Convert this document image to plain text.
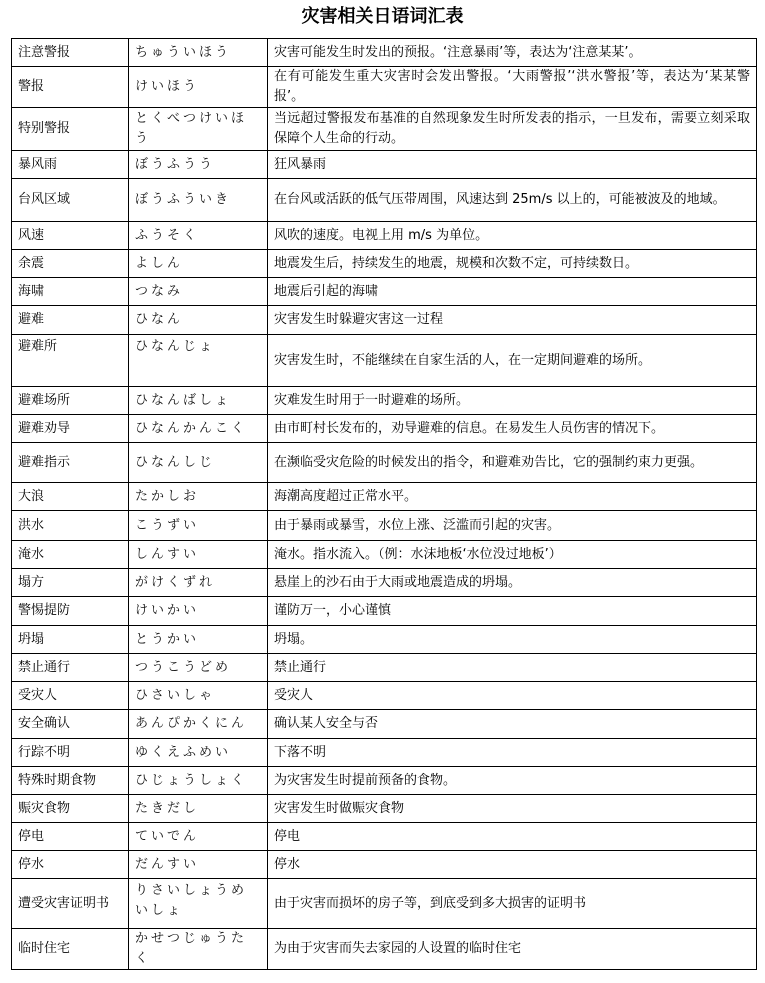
灾害相关日语词汇表
注意警报	ちゅういほう	灾害可能发生时发出的预报。‘注意暴雨’等，表达为‘注意某某’。
警报	けいほう	在有可能发生重大灾害时会发出警报。‘大雨警报’‘洪水警报’等，表达为‘某某警报’。
特别警报	とくべつけいほう	当远超过警报发布基准的自然现象发生时所发表的指示，一旦发布，需要立刻采取保障个人生命的行动。
暴风雨	ぼうふうう	狂风暴雨
台风区域	ぼうふういき	在台风或活跃的低气压带周围，风速达到 25m/s 以上的，可能被波及的地域。
风速	ふうそく	风吹的速度。电视上用 m/s 为单位。
余震	よしん	地震发生后，持续发生的地震，规模和次数不定，可持续数日。
海啸	つなみ	地震后引起的海啸
避难	ひなん	灾害发生时躲避灾害这一过程
避难所	ひなんじょ	灾害发生时，不能继续在自家生活的人，在一定期间避难的场所。
避难场所	ひなんばしょ	灾难发生时用于一时避难的场所。
避难劝导	ひなんかんこく	由市町村长发布的，劝导避难的信息。在易发生人员伤害的情况下。
避难指示	ひなんしじ	在濒临受灾危险的时候发出的指令，和避难劝告比，它的强制约束力更强。
大浪	たかしお	海潮高度超过正常水平。
洪水	こうずい	由于暴雨或暴雪，水位上涨、泛滥而引起的灾害。
淹水	しんすい	淹水。指水流入。（例：水沫地板‘水位没过地板’）
塌方	がけくずれ	悬崖上的沙石由于大雨或地震造成的坍塌。
警惕提防	けいかい	谨防万一，小心谨慎
坍塌	とうかい	坍塌。
禁止通行	つうこうどめ	禁止通行
受灾人	ひさいしゃ	受灾人
安全确认	あんぴかくにん	确认某人安全与否
行踪不明	ゆくえふめい	下落不明
特殊时期食物	ひじょうしょく	为灾害发生时提前预备的食物。
赈灾食物	たきだし	灾害发生时做赈灾食物
停电	ていでん	停电
停水	だんすい	停水
遭受灾害证明书	りさいしょうめいしょ	由于灾害而损坏的房子等，到底受到多大损害的证明书
临时住宅	かせつじゅうたく	为由于灾害而失去家园的人设置的临时住宅
